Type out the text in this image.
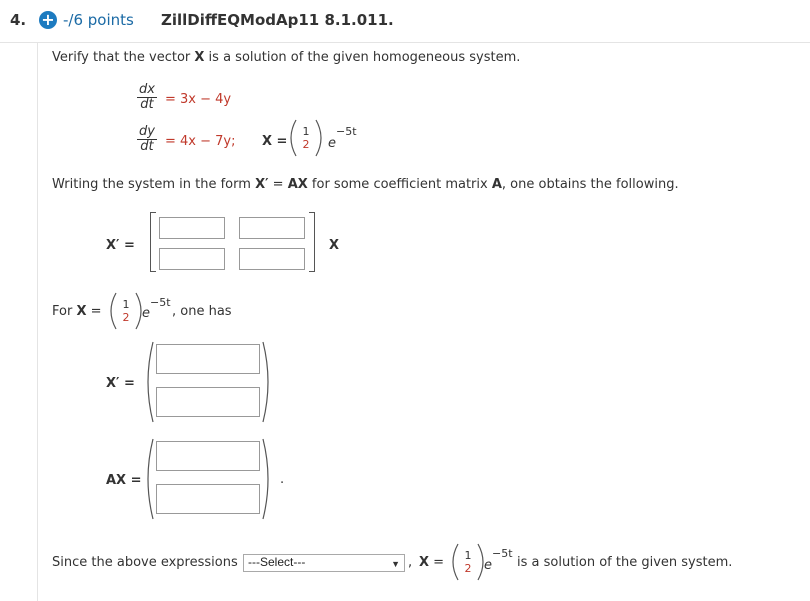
4. + -/6 points ZillDiffEQModAp11 8.1.011.
Verify that the vector X is a solution of the given homogeneous system.
$\frac{dx}{dt} = 3x - 4y$
$\frac{dy}{dt} = 4x - 7y$; X =
1
2 e
−5t
Writing the system in the form X′ = AX for some coefficient matrix A, one obtains the following.
X′ =	X
For X =	1
2 e
−5t
, one has
X′ =
AX =	.
Since the above expressions ---Select---	▼ , X =	1
2 e
−5t
is a solution of the given system.
